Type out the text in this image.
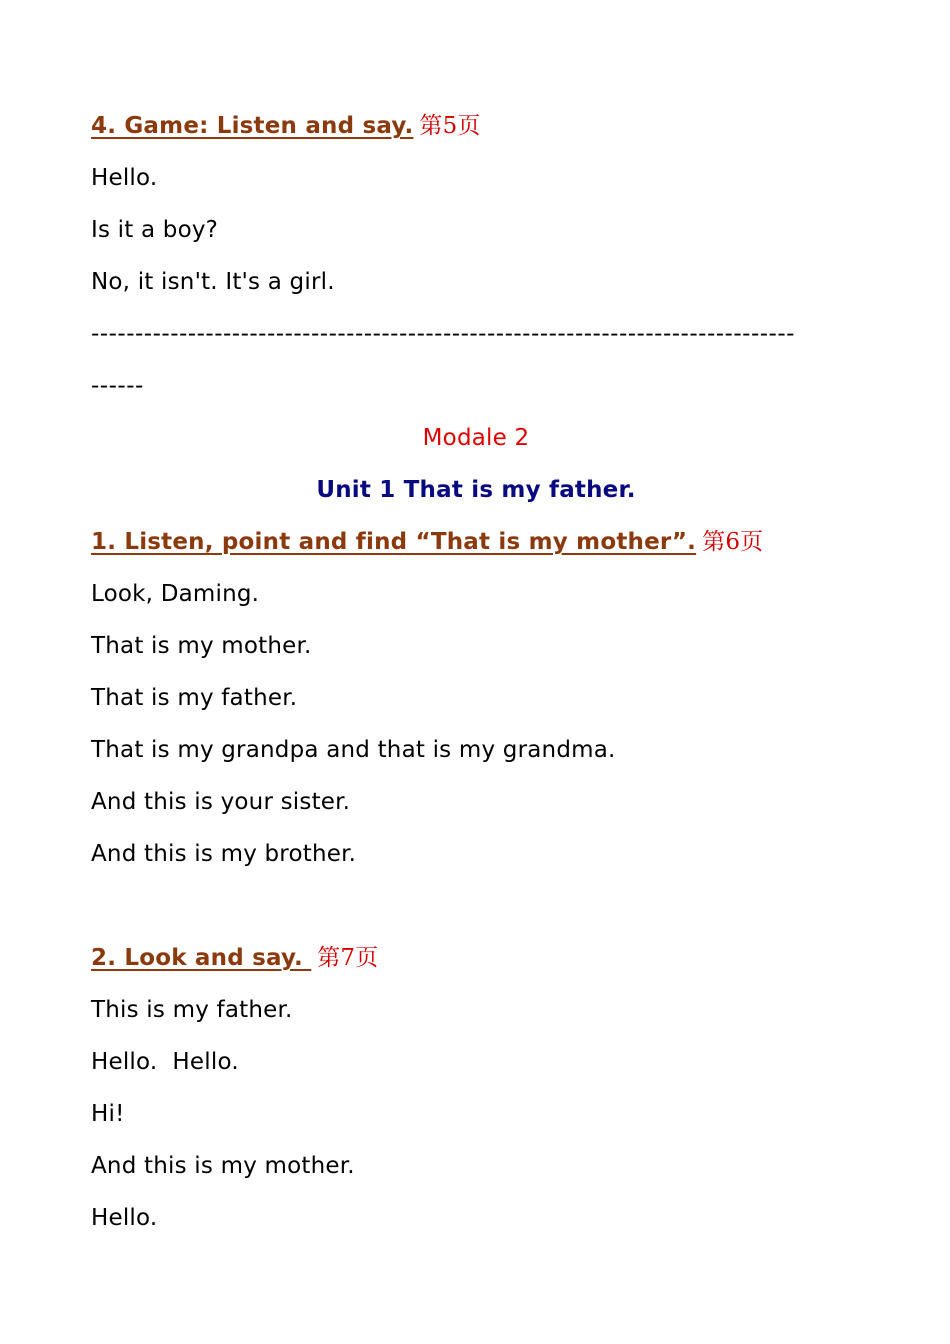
4. Game: Listen and say. 第5页
Hello.
Is it a boy?
No, it isn't. It's a girl.
--------------------------------------------------------------------------------
------
Modale 2
Unit 1 That is my father.
1. Listen, point and find “That is my mother”. 第6页
Look, Daming.
That is my mother.
That is my father.
That is my grandpa and that is my grandma.
And this is your sister.
And this is my brother.
2. Look and say. 第7页
This is my father.
Hello.  Hello.
Hi!
And this is my mother.
Hello.
